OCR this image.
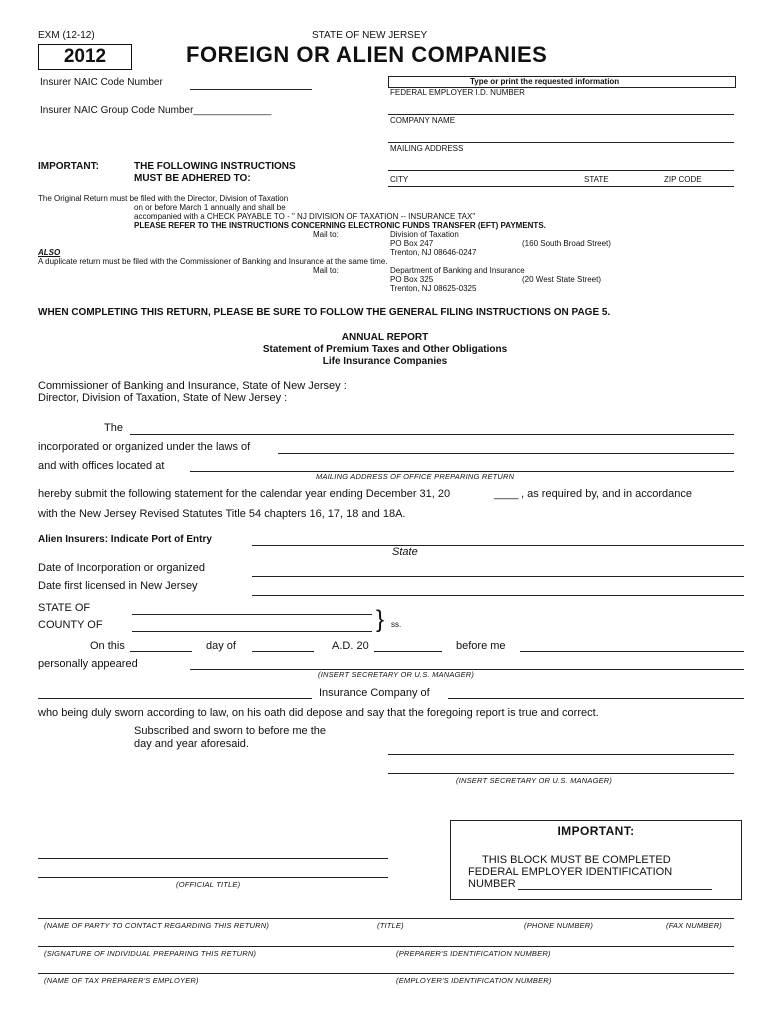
EXM (12-12)	STATE OF NEW JERSEY
2012	FOREIGN OR ALIEN COMPANIES
Insurer NAIC Code Number
Insurer NAIC Group Code Number______________
Type or print the requested information
FEDERAL EMPLOYER I.D. NUMBER
COMPANY NAME
MAILING ADDRESS
CITY	STATE	ZIP CODE
IMPORTANT:	THE FOLLOWING INSTRUCTIONS
MUST BE ADHERED TO:
The Original Return must be filed with the Director, Division of Taxation
on or before March 1 annually and shall be
accompanied with a CHECK PAYABLE TO - " NJ DIVISION OF TAXATION -- INSURANCE TAX"
PLEASE REFER TO THE INSTRUCTIONS CONCERNING ELECTRONIC FUNDS TRANSFER (EFT) PAYMENTS.
Mail to:	Division of Taxation
PO Box 247	(160 South Broad Street)
ALSO	Trenton, NJ 08646-0247
A duplicate return must be filed with the Commissioner of Banking and Insurance at the same time.
Mail to:	Department of Banking and Insurance
PO Box 325	(20 West State Street)
Trenton, NJ 08625-0325
WHEN COMPLETING THIS RETURN, PLEASE BE SURE TO FOLLOW THE GENERAL FILING INSTRUCTIONS ON PAGE 5.
ANNUAL REPORT
Statement of Premium Taxes and Other Obligations
Life Insurance Companies
Commissioner of Banking and Insurance, State of New Jersey :
Director, Division of Taxation, State of New Jersey :
The
incorporated or organized under the laws of
and with offices located at
MAILING ADDRESS OF OFFICE PREPARING RETURN
hereby submit the following statement for the calendar year ending December 31, 20	____ , as required by, and in accordance
with the New Jersey Revised Statutes Title 54 chapters 16, 17, 18 and 18A.
Alien Insurers: Indicate Port of Entry
State
Date of Incorporation or organized
Date first licensed in New Jersey
STATE OF
COUNTY OF	} ss.
On this	day of	A.D. 20	before me
personally appeared
(INSERT SECRETARY OR U.S. MANAGER)
Insurance Company of
who being duly sworn according to law, on his oath did depose and say that the foregoing report is true and correct.
Subscribed and sworn to before me the
day and year aforesaid.
(INSERT SECRETARY OR U.S. MANAGER)
IMPORTANT:
THIS BLOCK MUST BE COMPLETED
FEDERAL EMPLOYER IDENTIFICATION
NUMBER
(OFFICIAL TITLE)
(NAME OF PARTY TO CONTACT REGARDING THIS RETURN)	(TITLE)	(PHONE NUMBER)	(FAX NUMBER)
(SIGNATURE OF INDIVIDUAL PREPARING THIS RETURN)	(PREPARER'S IDENTIFICATION NUMBER)
(NAME OF TAX PREPARER'S EMPLOYER)	(EMPLOYER'S IDENTIFICATION NUMBER)
